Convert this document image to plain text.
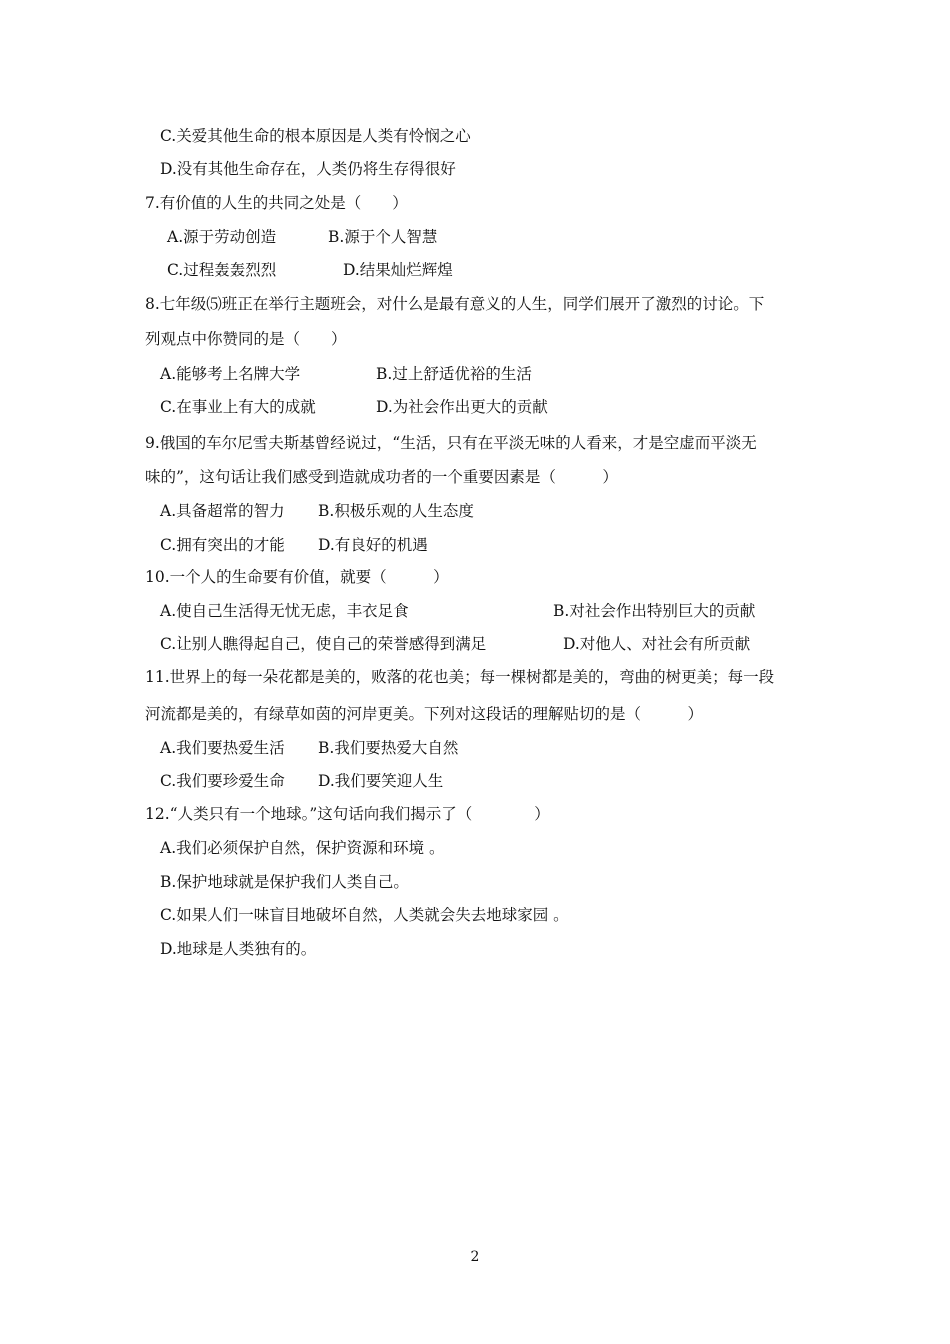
C.关爱其他生命的根本原因是人类有怜悯之心
D.没有其他生命存在，人类仍将生存得很好
7.有价值的人生的共同之处是（　　）
A.源于劳动创造	B.源于个人智慧
C.过程轰轰烈烈	D.结果灿烂辉煌
8.七年级⑸班正在举行主题班会，对什么是最有意义的人生，同学们展开了激烈的讨论。下
列观点中你赞同的是（　　）
A.能够考上名牌大学	B.过上舒适优裕的生活
C.在事业上有大的成就	D.为社会作出更大的贡献
9.俄国的车尔尼雪夫斯基曾经说过，“生活，只有在平淡无味的人看来，才是空虚而平淡无
味的”，这句话让我们感受到造就成功者的一个重要因素是（　　　）
A.具备超常的智力 B.积极乐观的人生态度
C.拥有突出的才能 D.有良好的机遇
10.一个人的生命要有价值，就要（　　　）
A.使自己生活得无忧无虑，丰衣足食	B.对社会作出特别巨大的贡献
C.让别人瞧得起自己，使自己的荣誉感得到满足	D.对他人、对社会有所贡献
11.世界上的每一朵花都是美的，败落的花也美；每一棵树都是美的，弯曲的树更美；每一段
河流都是美的，有绿草如茵的河岸更美。下列对这段话的理解贴切的是（　　　）
A.我们要热爱生活 B.我们要热爱大自然
C.我们要珍爱生命 D.我们要笑迎人生
12.“人类只有一个地球。”这句话向我们揭示了（　　　　）
A.我们必须保护自然，保护资源和环境 。
B.保护地球就是保护我们人类自己。
C.如果人们一味盲目地破坏自然，人类就会失去地球家园 。
D.地球是人类独有的。
2
